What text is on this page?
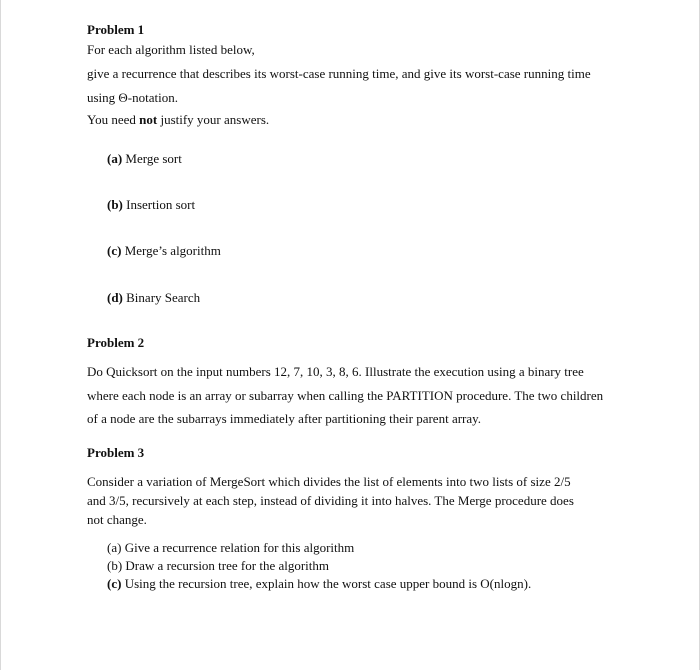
Problem 1
For each algorithm listed below,
give a recurrence that describes its worst-case running time, and give its worst-case running time
using Θ-notation.
You need not justify your answers.
(a) Merge sort
(b) Insertion sort
(c) Merge’s algorithm
(d) Binary Search
Problem 2
Do Quicksort on the input numbers 12, 7, 10, 3, 8, 6. Illustrate the execution using a binary tree
where each node is an array or subarray when calling the PARTITION procedure. The two children
of a node are the subarrays immediately after partitioning their parent array.
Problem 3
Consider a variation of MergeSort which divides the list of elements into two lists of size 2/5
and 3/5, recursively at each step, instead of dividing it into halves. The Merge procedure does
not change.
(a) Give a recurrence relation for this algorithm
(b) Draw a recursion tree for the algorithm
(c) Using the recursion tree, explain how the worst case upper bound is O(nlogn).
